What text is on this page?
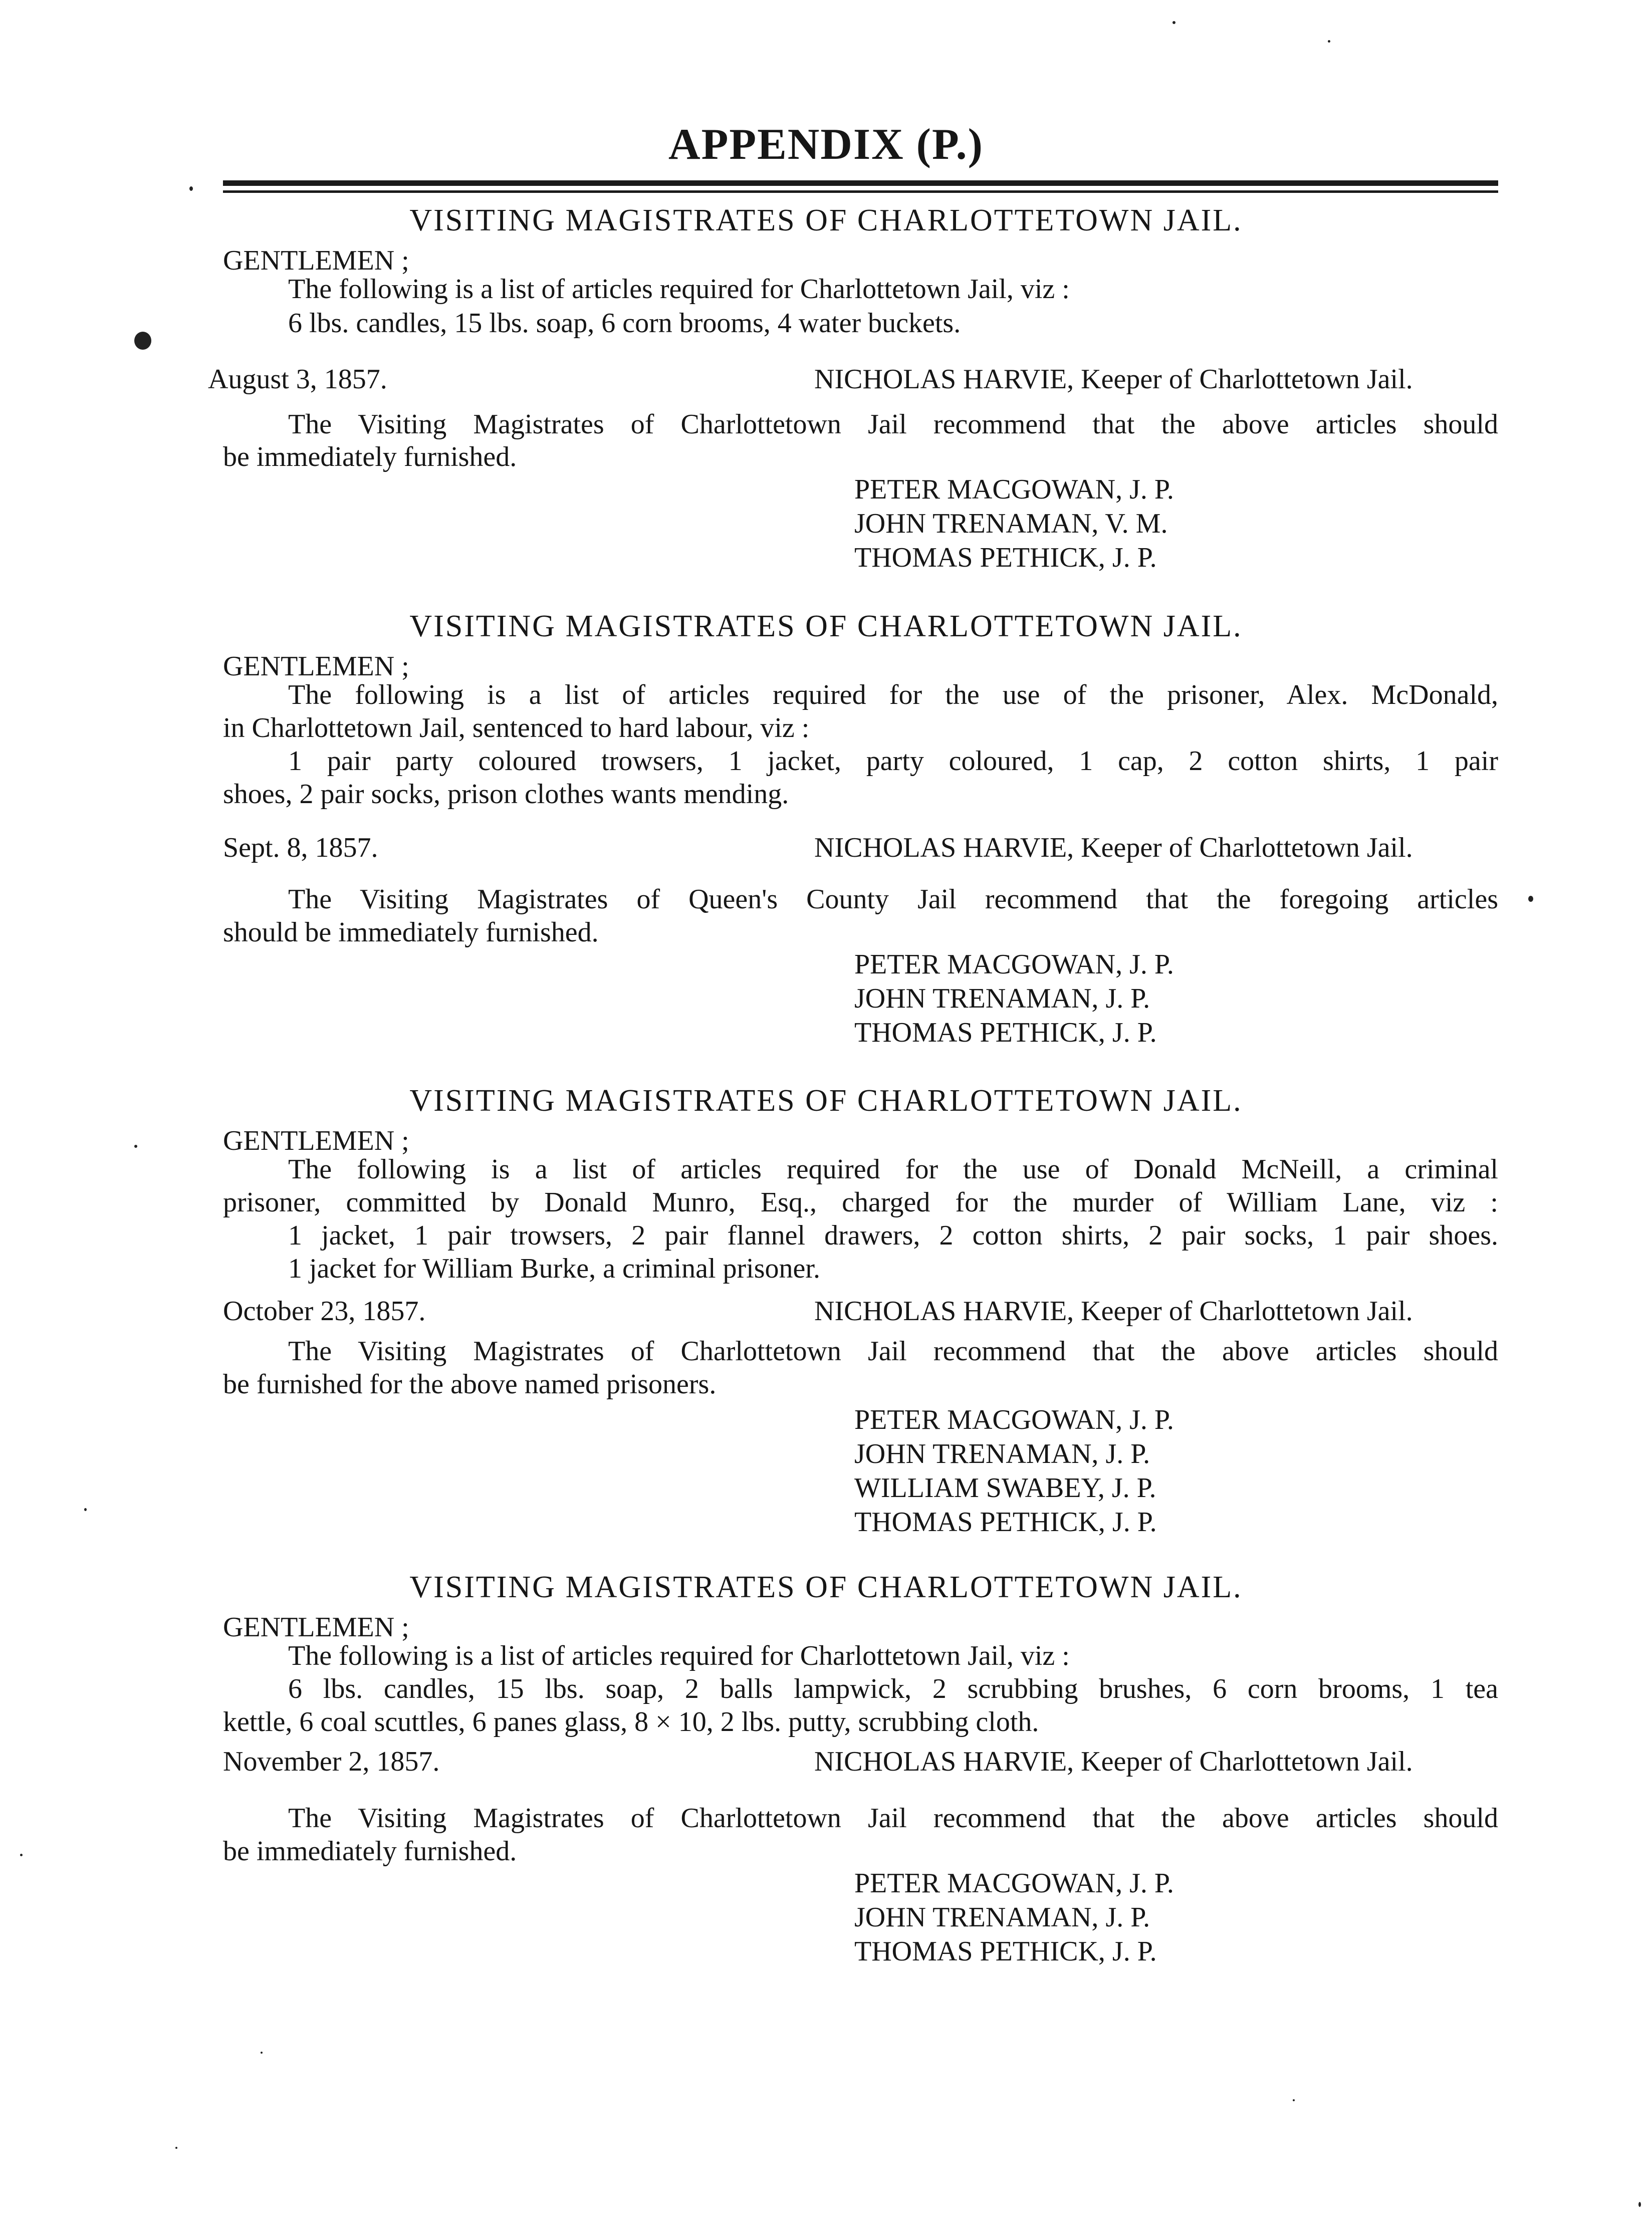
APPENDIX (P.)
VISITING MAGISTRATES OF CHARLOTTETOWN JAIL.
GENTLEMEN ;
The following is a list of articles required for Charlottetown Jail, viz :
6 lbs. candles, 15 lbs. soap, 6 corn brooms, 4 water buckets.
August 3, 1857.	NICHOLAS HARVIE, Keeper of Charlottetown Jail.
The Visiting Magistrates of Charlottetown Jail recommend that the above articles should
be immediately furnished.
PETER MACGOWAN, J. P.
JOHN TRENAMAN, V. M.
THOMAS PETHICK, J. P.
VISITING MAGISTRATES OF CHARLOTTETOWN JAIL.
GENTLEMEN ;
The following is a list of articles required for the use of the prisoner, Alex. McDonald,
in Charlottetown Jail, sentenced to hard labour, viz :
1 pair party coloured trowsers, 1 jacket, party coloured, 1 cap, 2 cotton shirts, 1 pair
shoes, 2 pair socks, prison clothes wants mending.
Sept. 8, 1857.	NICHOLAS HARVIE, Keeper of Charlottetown Jail.
The Visiting Magistrates of Queen's County Jail recommend that the foregoing articles
should be immediately furnished.
PETER MACGOWAN, J. P.
JOHN TRENAMAN, J. P.
THOMAS PETHICK, J. P.
VISITING MAGISTRATES OF CHARLOTTETOWN JAIL.
GENTLEMEN ;
The following is a list of articles required for the use of Donald McNeill, a criminal
prisoner, committed by Donald Munro, Esq., charged for the murder of William Lane, viz :
1 jacket, 1 pair trowsers, 2 pair flannel drawers, 2 cotton shirts, 2 pair socks, 1 pair shoes.
1 jacket for William Burke, a criminal prisoner.
October 23, 1857.	NICHOLAS HARVIE, Keeper of Charlottetown Jail.
The Visiting Magistrates of Charlottetown Jail recommend that the above articles should
be furnished for the above named prisoners.
PETER MACGOWAN, J. P.
JOHN TRENAMAN, J. P.
WILLIAM SWABEY, J. P.
THOMAS PETHICK, J. P.
VISITING MAGISTRATES OF CHARLOTTETOWN JAIL.
GENTLEMEN ;
The following is a list of articles required for Charlottetown Jail, viz :
6 lbs. candles, 15 lbs. soap, 2 balls lampwick, 2 scrubbing brushes, 6 corn brooms, 1 tea
kettle, 6 coal scuttles, 6 panes glass, 8 × 10, 2 lbs. putty, scrubbing cloth.
November 2, 1857.	NICHOLAS HARVIE, Keeper of Charlottetown Jail.
The Visiting Magistrates of Charlottetown Jail recommend that the above articles should
be immediately furnished.
PETER MACGOWAN, J. P.
JOHN TRENAMAN, J. P.
THOMAS PETHICK, J. P.
